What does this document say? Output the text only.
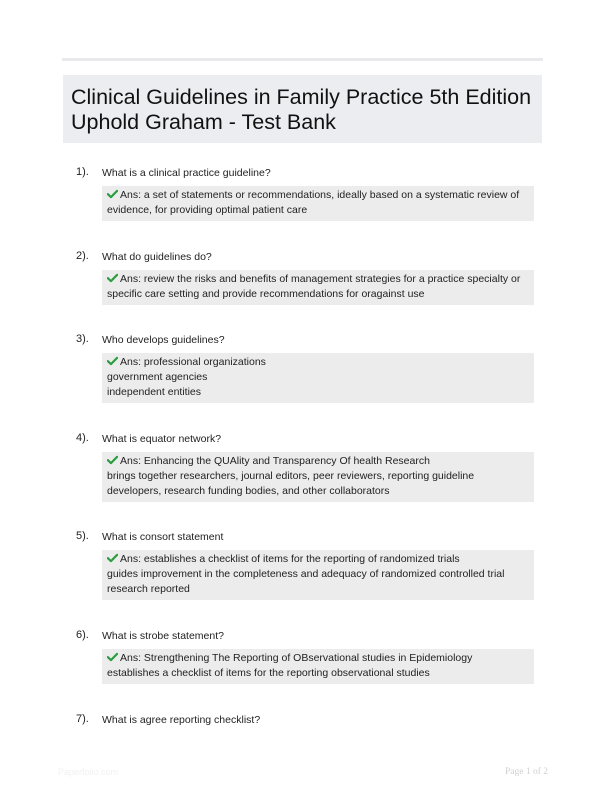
Clinical Guidelines in Family Practice 5th Edition
Uphold Graham - Test Bank
1). What is a clinical practice guideline?
Ans: a set of statements or recommendations, ideally based on a systematic review of
evidence, for providing optimal patient care
2). What do guidelines do?
Ans: review the risks and benefits of management strategies for a practice specialty or
specific care setting and provide recommendations for oragainst use
3). Who develops guidelines?
Ans: professional organizations
government agencies
independent entities
4). What is equator network?
Ans: Enhancing the QUAlity and Transparency Of health Research
brings together researchers, journal editors, peer reviewers, reporting guideline
developers, research funding bodies, and other collaborators
5). What is consort statement
Ans: establishes a checklist of items for the reporting of randomized trials
guides improvement in the completeness and adequacy of randomized controlled trial
research reported
6). What is strobe statement?
Ans: Strengthening The Reporting of OBservational studies in Epidemiology
establishes a checklist of items for the reporting observational studies
7). What is agree reporting checklist?
Paperfolio.com	Page 1 of 2
